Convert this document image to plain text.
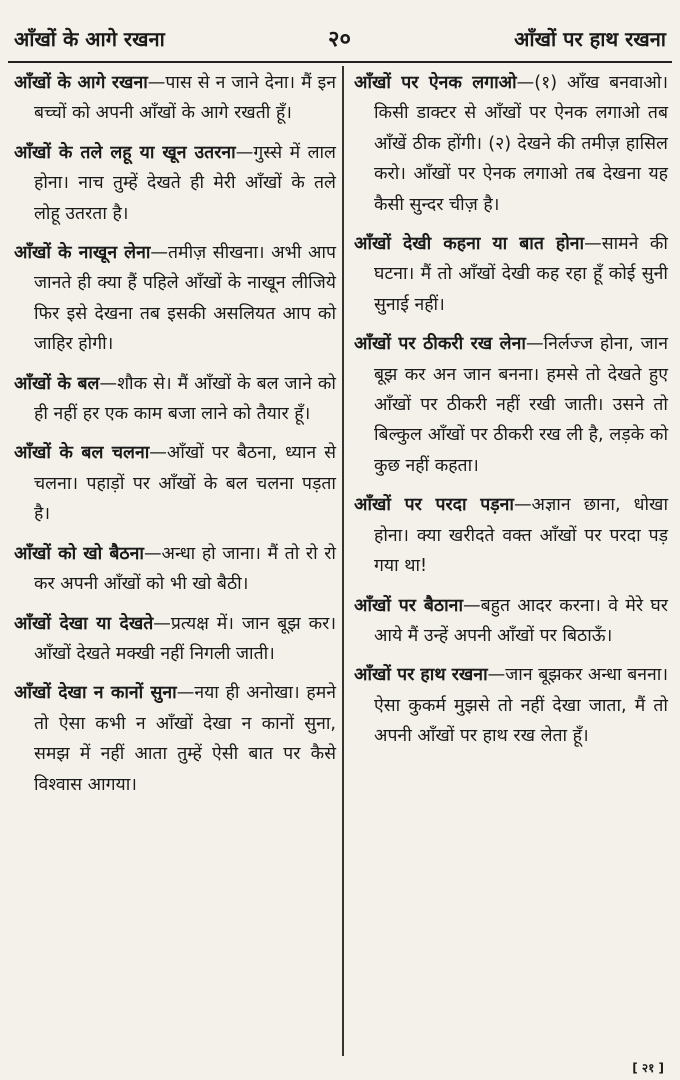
आँखों के आगे रखना	२०	आँखों पर हाथ रखना
आँखों के आगे रखना—पास से न जाने देना। मैं इन बच्चों को अपनी आँखों के आगे रखती हूँ।
आँखों के तले लहू या खून उतरना—गुस्से में लाल होना। नाच तुम्हें देखते ही मेरी आँखों के तले लोहू उतरता है।
आँखों के नाखून लेना—तमीज़ सीखना। अभी आप जानते ही क्या हैं पहिले आँखों के नाखून लीजिये फिर इसे देखना तब इसकी असलियत आप को जाहिर होगी।
आँखों के बल—शौक से। मैं आँखों के बल जाने को ही नहीं हर एक काम बजा लाने को तैयार हूँ।
आँखों के बल चलना—आँखों पर बैठना, ध्यान से चलना। पहाड़ों पर आँखों के बल चलना पड़ता है।
आँखों को खो बैठना—अन्धा हो जाना। मैं तो रो रो कर अपनी आँखों को भी खो बैठी।
आँखों देखा या देखते—प्रत्यक्ष में। जान बूझ कर। आँखों देखते मक्खी नहीं निगली जाती।
आँखों देखा न कानों सुना—नया ही अनोखा। हमने तो ऐसा कभी न आँखों देखा न कानों सुना, समझ में नहीं आता तुम्हें ऐसी बात पर कैसे विश्वास आगया।
आँखों पर ऐनक लगाओ—(१) आँख बनवाओ। किसी डाक्टर से आँखों पर ऐनक लगाओ तब आँखें ठीक होंगी। (२) देखने की तमीज़ हासिल करो। आँखों पर ऐनक लगाओ तब देखना यह कैसी सुन्दर चीज़ है।
आँखों देखी कहना या बात होना—सामने की घटना। मैं तो आँखों देखी कह रहा हूँ कोई सुनी सुनाई नहीं।
आँखों पर ठीकरी रख लेना—निर्लज्ज होना, जान बूझ कर अन जान बनना। हमसे तो देखते हुए आँखों पर ठीकरी नहीं रखी जाती। उसने तो बिल्कुल आँखों पर ठीकरी रख ली है, लड़के को कुछ नहीं कहता।
आँखों पर परदा पड़ना—अज्ञान छाना, धोखा होना। क्या खरीदते वक्त आँखों पर परदा पड़ गया था!
आँखों पर बैठाना—बहुत आदर करना। वे मेरे घर आये मैं उन्हें अपनी आँखों पर बिठाऊँ।
आँखों पर हाथ रखना—जान बूझकर अन्धा बनना। ऐसा कुकर्म मुझसे तो नहीं देखा जाता, मैं तो अपनी आँखों पर हाथ रख लेता हूँ।
[ २१ ]
